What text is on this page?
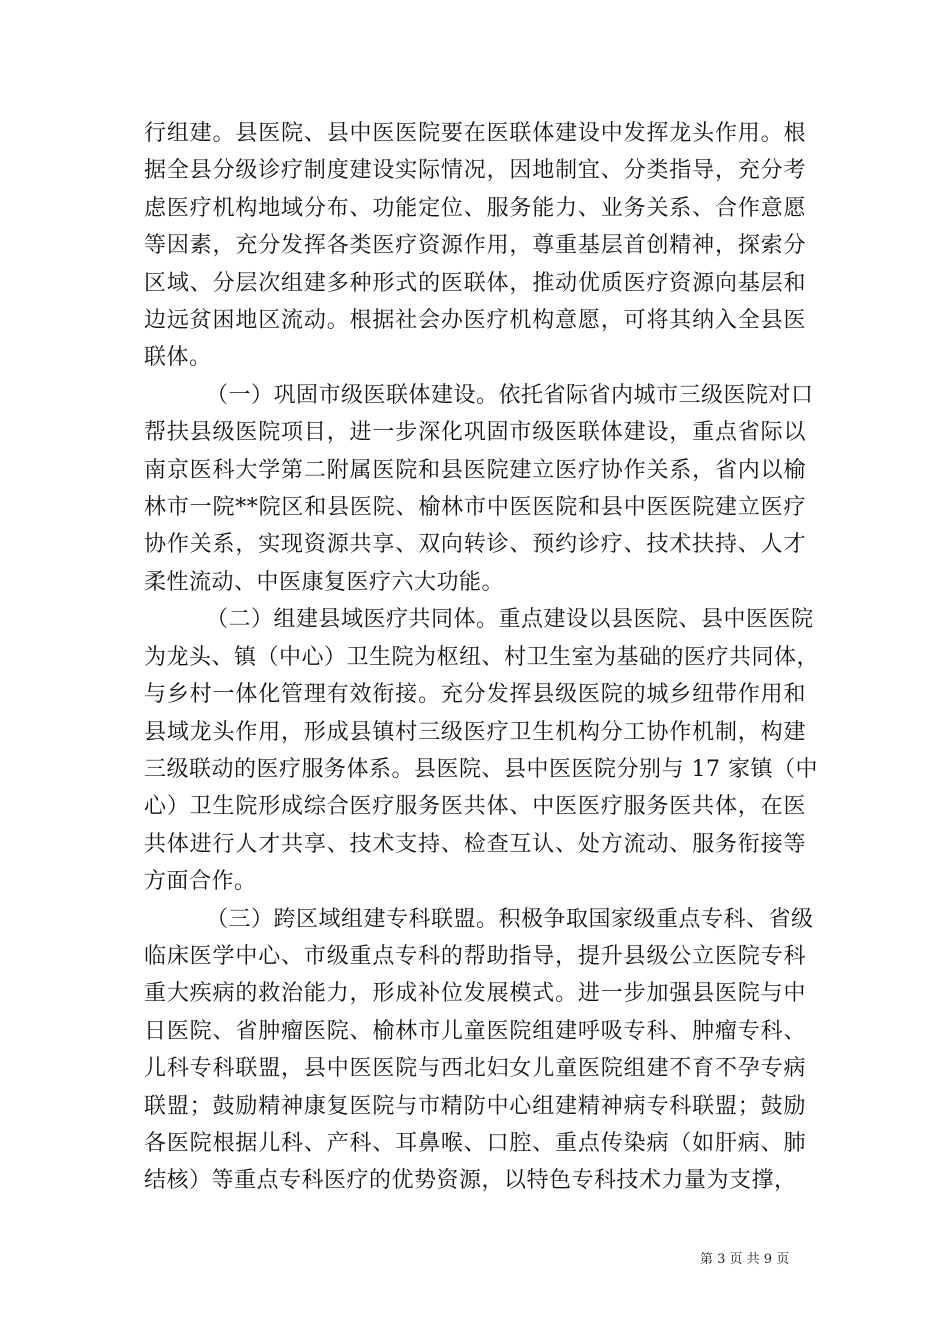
行组建。县医院、县中医医院要在医联体建设中发挥龙头作用。根
据全县分级诊疗制度建设实际情况，因地制宜、分类指导，充分考
虑医疗机构地域分布、功能定位、服务能力、业务关系、合作意愿
等因素，充分发挥各类医疗资源作用，尊重基层首创精神，探索分
区域、分层次组建多种形式的医联体，推动优质医疗资源向基层和
边远贫困地区流动。根据社会办医疗机构意愿，可将其纳入全县医
联体。
（一）巩固市级医联体建设。依托省际省内城市三级医院对口
帮扶县级医院项目，进一步深化巩固市级医联体建设，重点省际以
南京医科大学第二附属医院和县医院建立医疗协作关系，省内以榆
林市一院**院区和县医院、榆林市中医医院和县中医医院建立医疗
协作关系，实现资源共享、双向转诊、预约诊疗、技术扶持、人才
柔性流动、中医康复医疗六大功能。
（二）组建县域医疗共同体。重点建设以县医院、县中医医院
为龙头、镇（中心）卫生院为枢纽、村卫生室为基础的医疗共同体，
与乡村一体化管理有效衔接。充分发挥县级医院的城乡纽带作用和
县域龙头作用，形成县镇村三级医疗卫生机构分工协作机制，构建
三级联动的医疗服务体系。县医院、县中医医院分别与 17 家镇（中
心）卫生院形成综合医疗服务医共体、中医医疗服务医共体，在医
共体进行人才共享、技术支持、检查互认、处方流动、服务衔接等
方面合作。
（三）跨区域组建专科联盟。积极争取国家级重点专科、省级
临床医学中心、市级重点专科的帮助指导，提升县级公立医院专科
重大疾病的救治能力，形成补位发展模式。进一步加强县医院与中
日医院、省肿瘤医院、榆林市儿童医院组建呼吸专科、肿瘤专科、
儿科专科联盟，县中医医院与西北妇女儿童医院组建不育不孕专病
联盟；鼓励精神康复医院与市精防中心组建精神病专科联盟；鼓励
各医院根据儿科、产科、耳鼻喉、口腔、重点传染病（如肝病、肺
结核）等重点专科医疗的优势资源，以特色专科技术力量为支撑，
第 3 页 共 9 页
